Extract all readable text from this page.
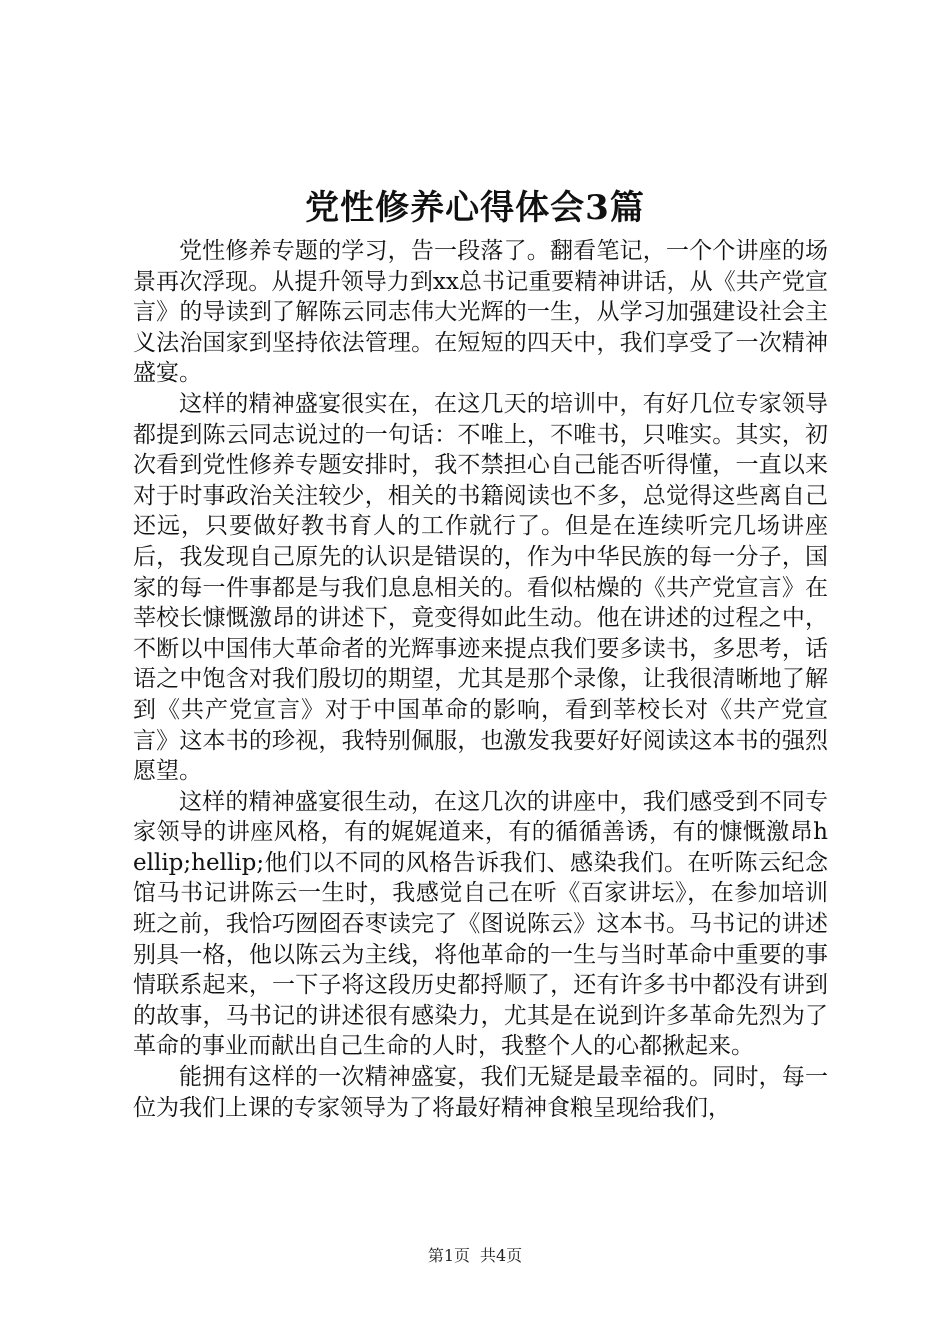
党性修养心得体会3篇

党性修养专题的学习，告一段落了。翻看笔记，一个个讲座的场景再次浮现。从提升领导力到xx总书记重要精神讲话，从《共产党宣言》的导读到了解陈云同志伟大光辉的一生，从学习加强建设社会主义法治国家到坚持依法管理。在短短的四天中，我们享受了一次精神盛宴。

这样的精神盛宴很实在，在这几天的培训中，有好几位专家领导都提到陈云同志说过的一句话：不唯上，不唯书，只唯实。其实，初次看到党性修养专题安排时，我不禁担心自己能否听得懂，一直以来对于时事政治关注较少，相关的书籍阅读也不多，总觉得这些离自己还远，只要做好教书育人的工作就行了。但是在连续听完几场讲座后，我发现自己原先的认识是错误的，作为中华民族的每一分子，国家的每一件事都是与我们息息相关的。看似枯燥的《共产党宣言》在莘校长慷慨激昂的讲述下，竟变得如此生动。他在讲述的过程之中，不断以中国伟大革命者的光辉事迹来提点我们要多读书，多思考，话语之中饱含对我们殷切的期望，尤其是那个录像，让我很清晰地了解到《共产党宣言》对于中国革命的影响，看到莘校长对《共产党宣言》这本书的珍视，我特别佩服，也激发我要好好阅读这本书的强烈愿望。

这样的精神盛宴很生动，在这几次的讲座中，我们感受到不同专家领导的讲座风格，有的娓娓道来，有的循循善诱，有的慷慨激昂hellip;hellip;他们以不同的风格告诉我们、感染我们。在听陈云纪念馆马书记讲陈云一生时，我感觉自己在听《百家讲坛》，在参加培训班之前，我恰巧囫囵吞枣读完了《图说陈云》这本书。马书记的讲述别具一格，他以陈云为主线，将他革命的一生与当时革命中重要的事情联系起来，一下子将这段历史都捋顺了，还有许多书中都没有讲到的故事，马书记的讲述很有感染力，尤其是在说到许多革命先烈为了革命的事业而献出自己生命的人时，我整个人的心都揪起来。

能拥有这样的一次精神盛宴，我们无疑是最幸福的。同时，每一位为我们上课的专家领导为了将最好精神食粮呈现给我们，

第1页 共4页
